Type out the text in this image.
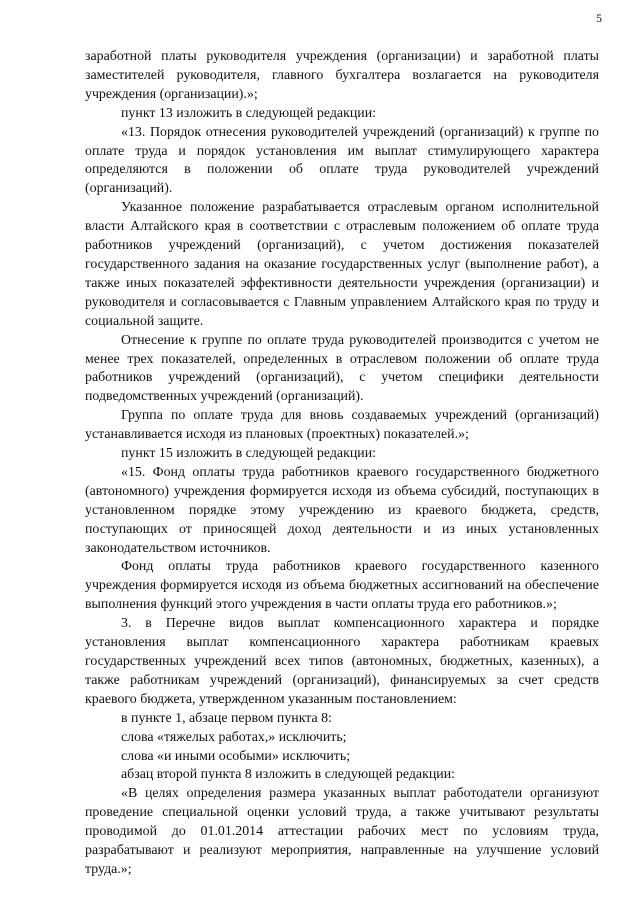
5

заработной платы руководителя учреждения (организации) и заработной платы заместителей руководителя, главного бухгалтера возлагается на руководителя учреждения (организации).»;

пункт 13 изложить в следующей редакции:

«13. Порядок отнесения руководителей учреждений (организаций) к группе по оплате труда и порядок установления им выплат стимулирующего характера определяются в положении об оплате труда руководителей учреждений (организаций).

Указанное положение разрабатывается отраслевым органом исполнительной власти Алтайского края в соответствии с отраслевым положением об оплате труда работников учреждений (организаций), с учетом достижения показателей государственного задания на оказание государственных услуг (выполнение работ), а также иных показателей эффективности деятельности учреждения (организации) и руководителя и согласовывается с Главным управлением Алтайского края по труду и социальной защите.

Отнесение к группе по оплате труда руководителей производится с учетом не менее трех показателей, определенных в отраслевом положении об оплате труда работников учреждений (организаций), с учетом специфики деятельности подведомственных учреждений (организаций).

Группа по оплате труда для вновь создаваемых учреждений (организаций) устанавливается исходя из плановых (проектных) показателей.»;

пункт 15 изложить в следующей редакции:

«15. Фонд оплаты труда работников краевого государственного бюджетного (автономного) учреждения формируется исходя из объема субсидий, поступающих в установленном порядке этому учреждению из краевого бюджета, средств, поступающих от приносящей доход деятельности и из иных установленных законодательством источников.

Фонд оплаты труда работников краевого государственного казенного учреждения формируется исходя из объема бюджетных ассигнований на обеспечение выполнения функций этого учреждения в части оплаты труда его работников.»;

3. в Перечне видов выплат компенсационного характера и порядке установления выплат компенсационного характера работникам краевых государственных учреждений всех типов (автономных, бюджетных, казенных), а также работникам учреждений (организаций), финансируемых за счет средств краевого бюджета, утвержденном указанным постановлением:

в пункте 1, абзаце первом пункта 8:

слова «тяжелых работах,» исключить;

слова «и иными особыми» исключить;

абзац второй пункта 8 изложить в следующей редакции:

«В целях определения размера указанных выплат работодатели организуют проведение специальной оценки условий труда, а также учитывают результаты проводимой до 01.01.2014 аттестации рабочих мест по условиям труда, разрабатывают и реализуют мероприятия, направленные на улучшение условий труда.»;
